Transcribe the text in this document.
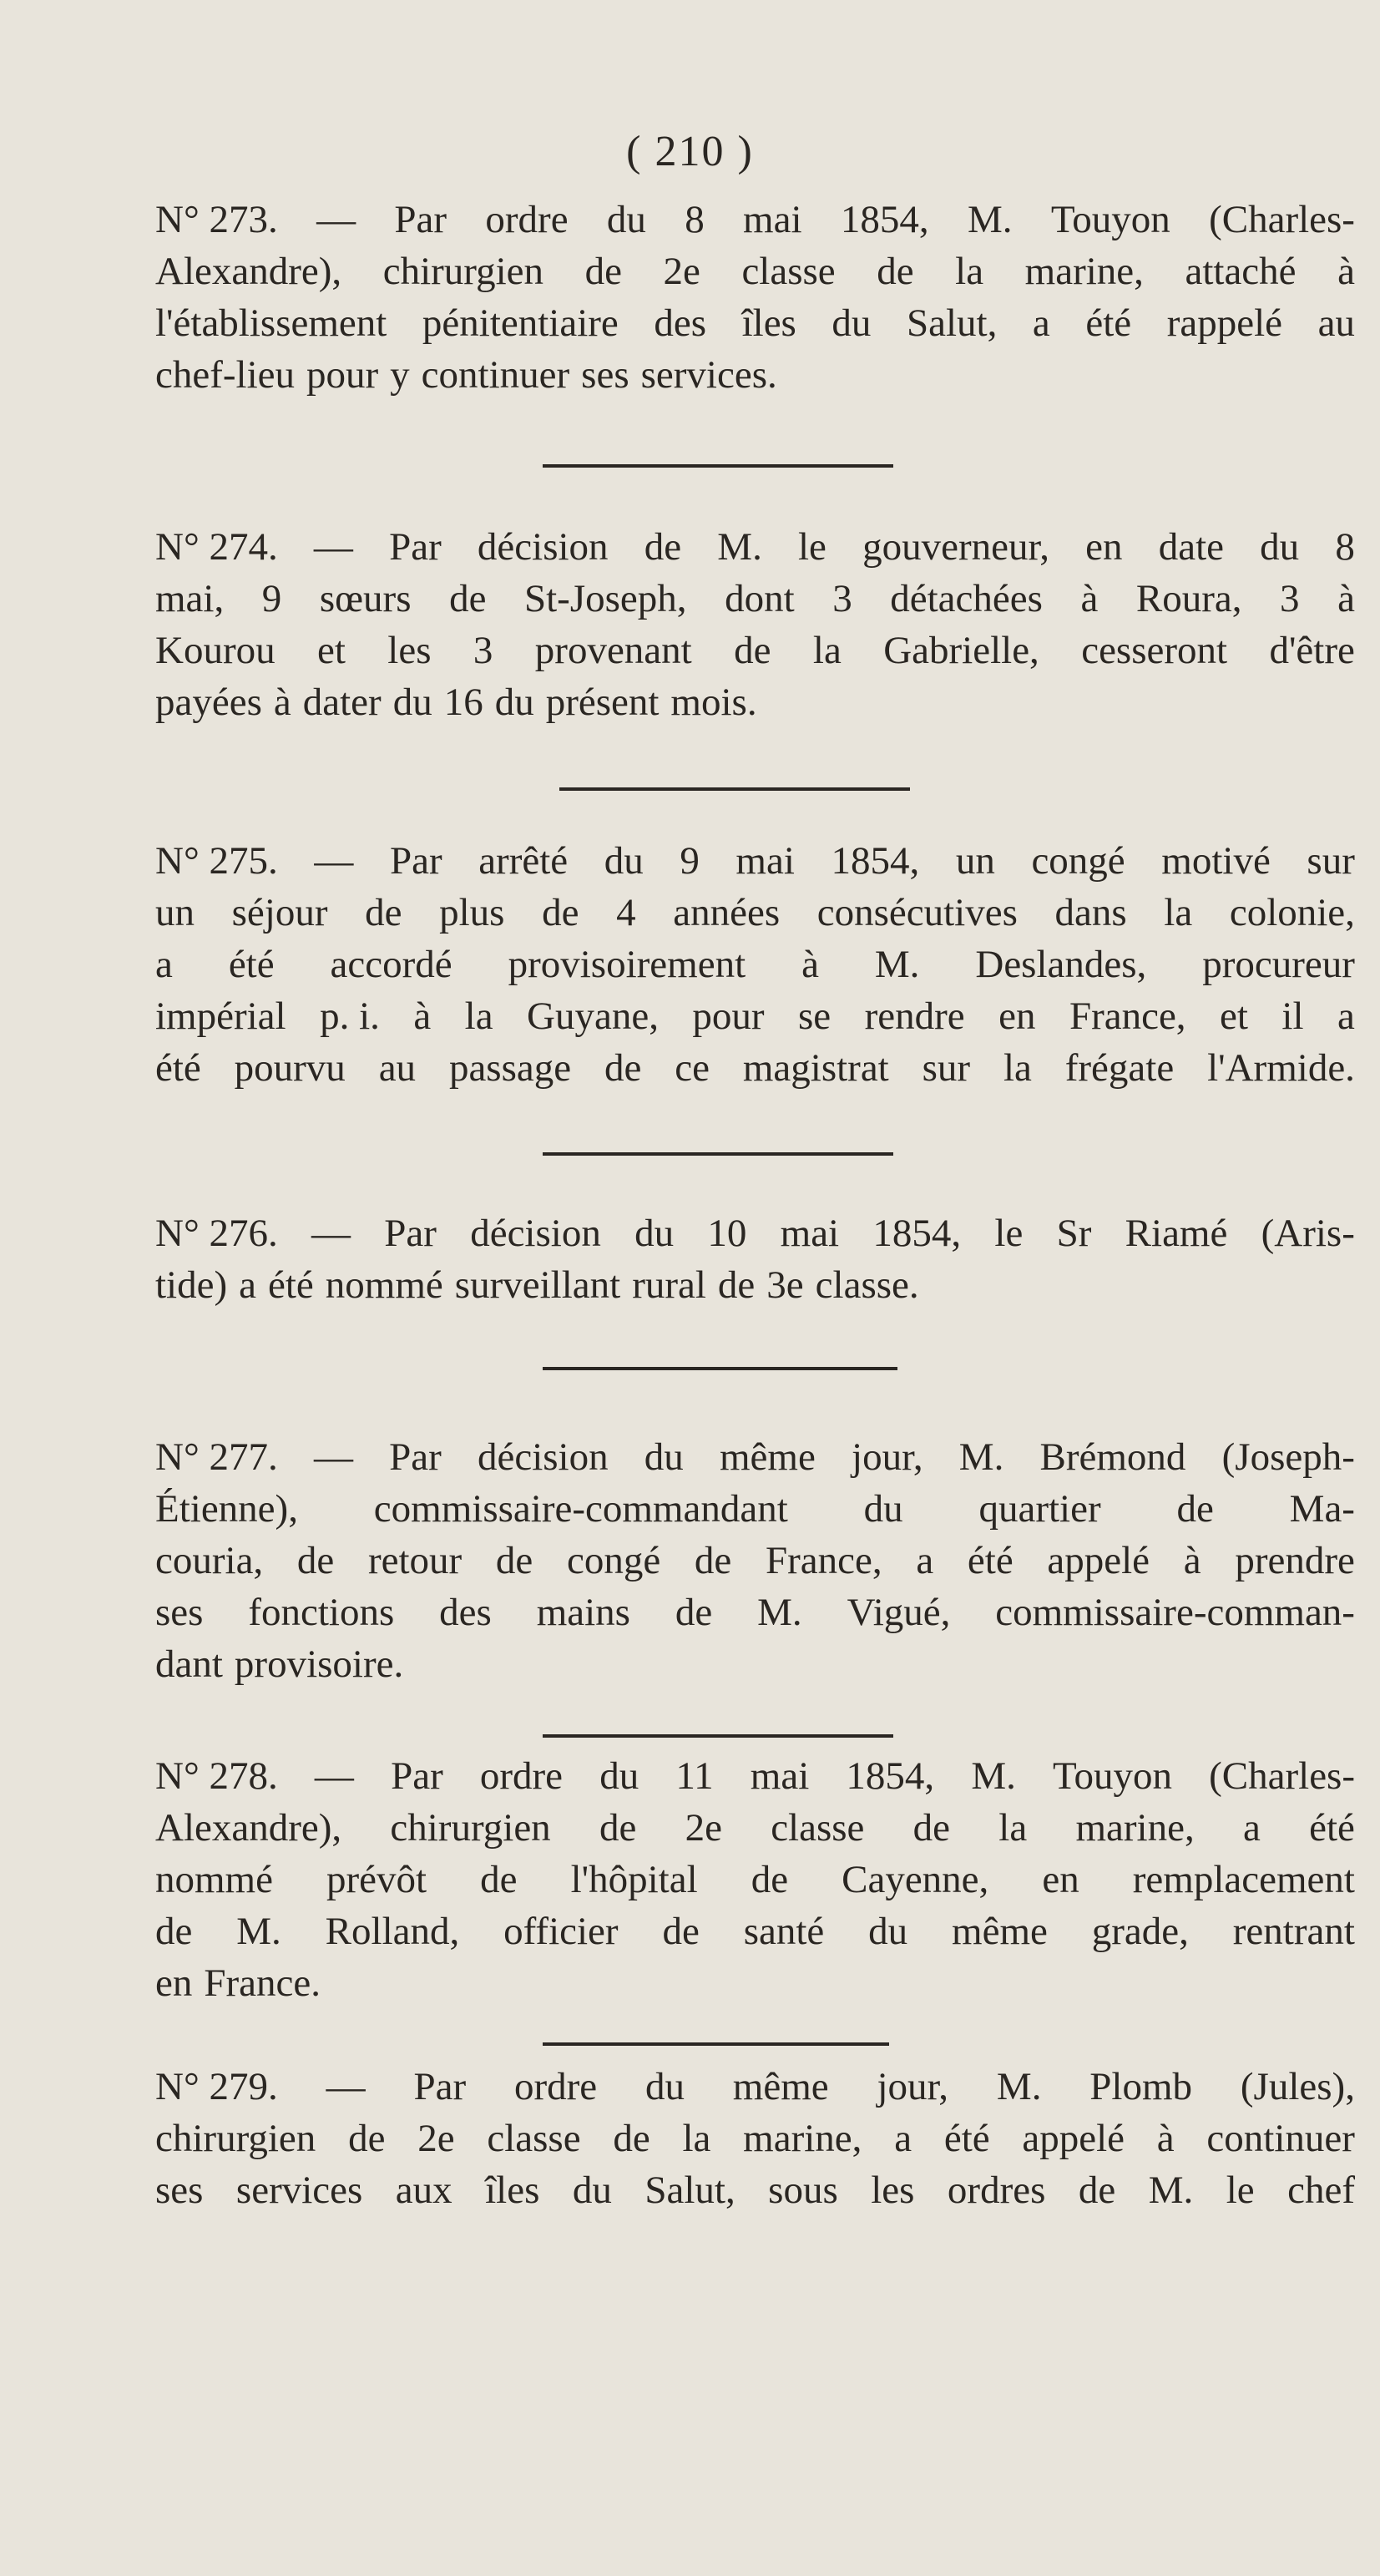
( 210 )
N° 273. — Par ordre du 8 mai 1854, M. Touyon (Charles-
Alexandre), chirurgien de 2e classe de la marine, attaché à
l'établissement pénitentiaire des îles du Salut, a été rappelé au
chef-lieu pour y continuer ses services.
N° 274. — Par décision de M. le gouverneur, en date du 8
mai, 9 sœurs de St-Joseph, dont 3 détachées à Roura, 3 à
Kourou et les 3 provenant de la Gabrielle, cesseront d'être
payées à dater du 16 du présent mois.
N° 275. — Par arrêté du 9 mai 1854, un congé motivé sur
un séjour de plus de 4 années consécutives dans la colonie,
a été accordé provisoirement à M. Deslandes, procureur
impérial p. i. à la Guyane, pour se rendre en France, et il a
été pourvu au passage de ce magistrat sur la frégate l'Armide.
N° 276. — Par décision du 10 mai 1854, le Sr Riamé (Aris-
tide) a été nommé surveillant rural de 3e classe.
N° 277. — Par décision du même jour, M. Brémond (Joseph-
Étienne), commissaire-commandant du quartier de Ma-
couria, de retour de congé de France, a été appelé à prendre
ses fonctions des mains de M. Vigué, commissaire-comman-
dant provisoire.
N° 278. — Par ordre du 11 mai 1854, M. Touyon (Charles-
Alexandre), chirurgien de 2e classe de la marine, a été
nommé prévôt de l'hôpital de Cayenne, en remplacement
de M. Rolland, officier de santé du même grade, rentrant
en France.
N° 279. — Par ordre du même jour, M. Plomb (Jules),
chirurgien de 2e classe de la marine, a été appelé à continuer
ses services aux îles du Salut, sous les ordres de M. le chef
